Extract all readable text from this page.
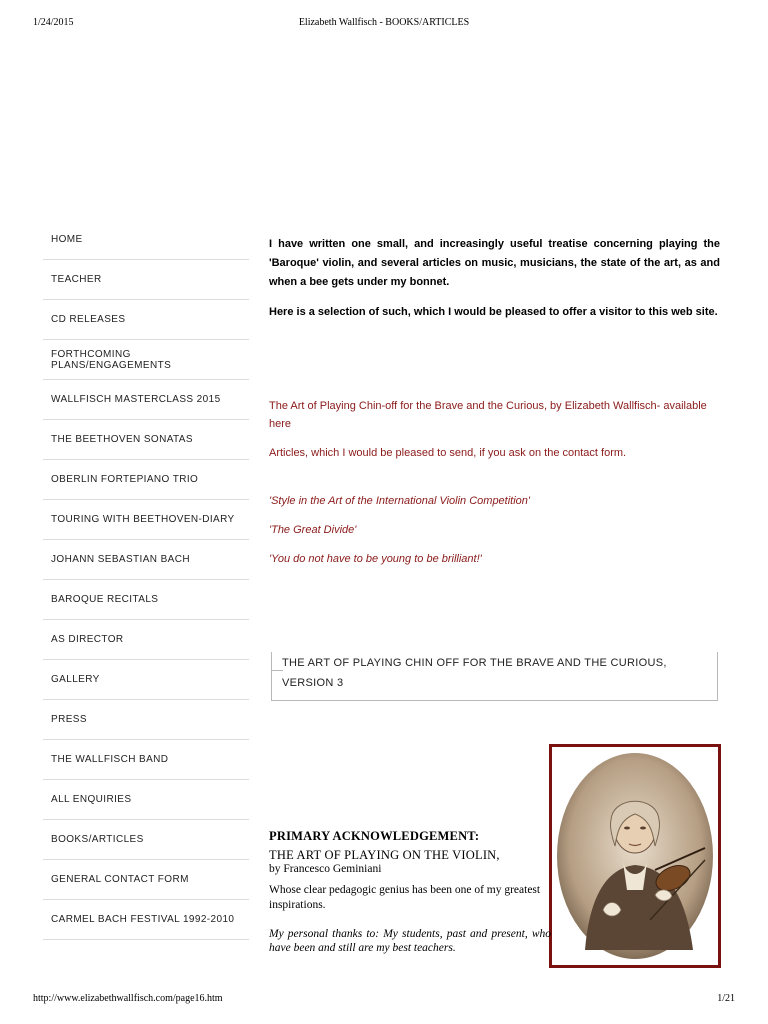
1/24/2015	Elizabeth Wallfisch - BOOKS/ARTICLES
HOME
TEACHER
CD RELEASES
FORTHCOMING PLANS/ENGAGEMENTS
WALLFISCH MASTERCLASS 2015
THE BEETHOVEN SONATAS
OBERLIN FORTEPIANO TRIO
TOURING WITH BEETHOVEN-DIARY
JOHANN SEBASTIAN BACH
BAROQUE RECITALS
AS DIRECTOR
GALLERY
PRESS
THE WALLFISCH BAND
ALL ENQUIRIES
BOOKS/ARTICLES
GENERAL CONTACT FORM
CARMEL BACH FESTIVAL 1992-2010

I have written one small, and increasingly useful treatise concerning playing the 'Baroque' violin, and several articles on music, musicians, the state of the art, as and when a bee gets under my bonnet.

Here is a selection of such, which I would be pleased to offer a visitor to this web site.

The Art of Playing Chin-off for the Brave and the Curious, by Elizabeth Wallfisch- available here

Articles, which I would be pleased to send, if you ask on the contact form.

'Style in the Art of the International Violin Competition'

'The Great Divide'

'You do not have to be young to be brilliant!'

THE ART OF PLAYING CHIN OFF FOR THE BRAVE AND THE CURIOUS,
VERSION 3

PRIMARY ACKNOWLEDGEMENT:

THE ART OF PLAYING ON THE VIOLIN,

by Francesco Geminiani

Whose clear pedagogic genius has been one of my greatest inspirations.

My personal thanks to: My students, past and present, who have been and still are my best teachers.

http://www.elizabethwallfisch.com/page16.htm	1/21
